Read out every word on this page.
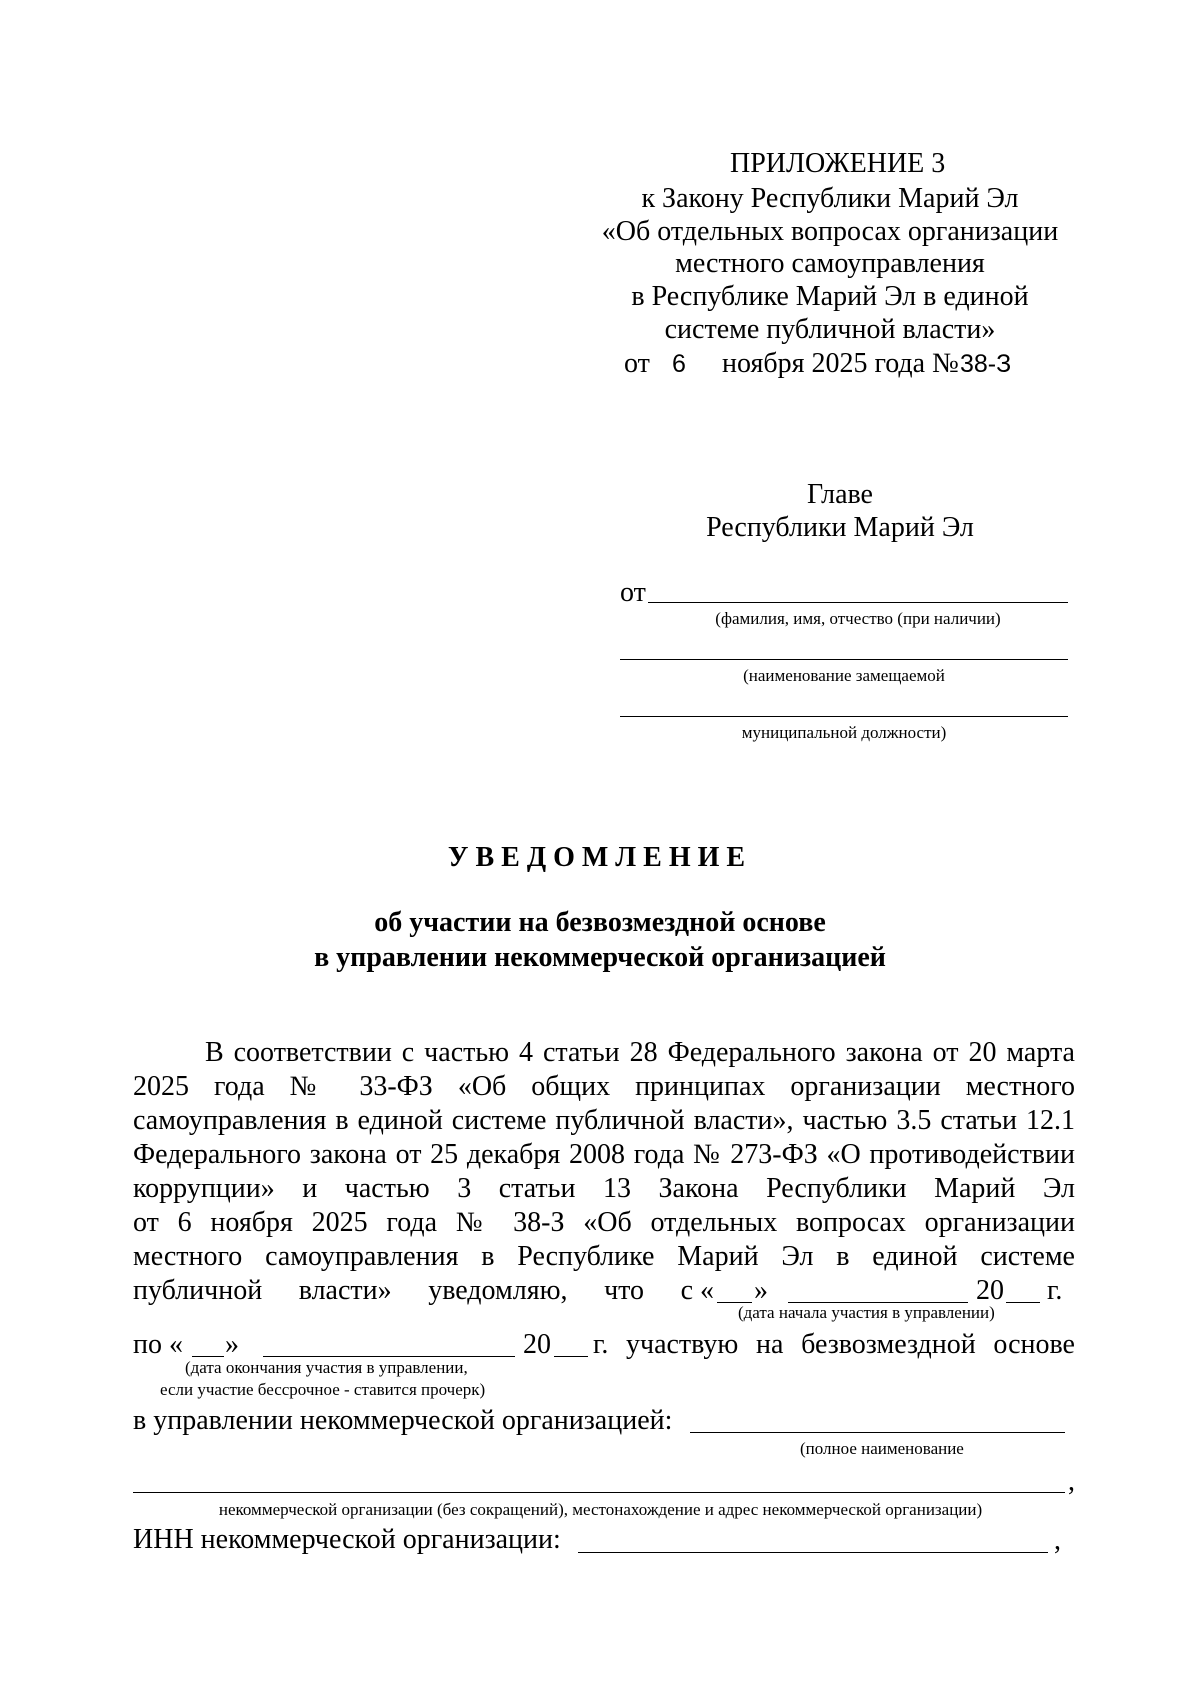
ПРИЛОЖЕНИЕ 3
к Закону Республики Марий Эл
«Об отдельных вопросах организации
местного самоуправления
в Республике Марий Эл в единой
системе публичной власти»
от 6 ноября 2025 года № 38-З
Главе
Республики Марий Эл
от
(фамилия, имя, отчество (при наличии)
(наименование замещаемой
муниципальной должности)
УВЕДОМЛЕНИЕ
об участии на безвозмездной основе
в управлении некоммерческой организацией
В соответствии с частью 4 статьи 28 Федерального закона от 20 марта
2025 года № 33-ФЗ «Об общих принципах организации местного
самоуправления в единой системе публичной власти», частью 3.5 статьи 12.1
Федерального закона от 25 декабря 2008 года № 273-ФЗ «О противодействии
коррупции» и частью 3 статьи 13 Закона Республики Марий Эл
от 6 ноября 2025 года № 38-З «Об отдельных вопросах организации
местного самоуправления в Республике Марий Эл в единой системе
публичной власти» уведомляю, что с « »	20 г.
(дата начала участия в управлении)
по « »	20 г. участвую на безвозмездной основе
(дата окончания участия в управлении,
если участие бессрочное - ставится прочерк)
в управлении некоммерческой организацией:
(полное наименование
,
некоммерческой организации (без сокращений), местонахождение и адрес некоммерческой организации)
ИНН некоммерческой организации:	,
